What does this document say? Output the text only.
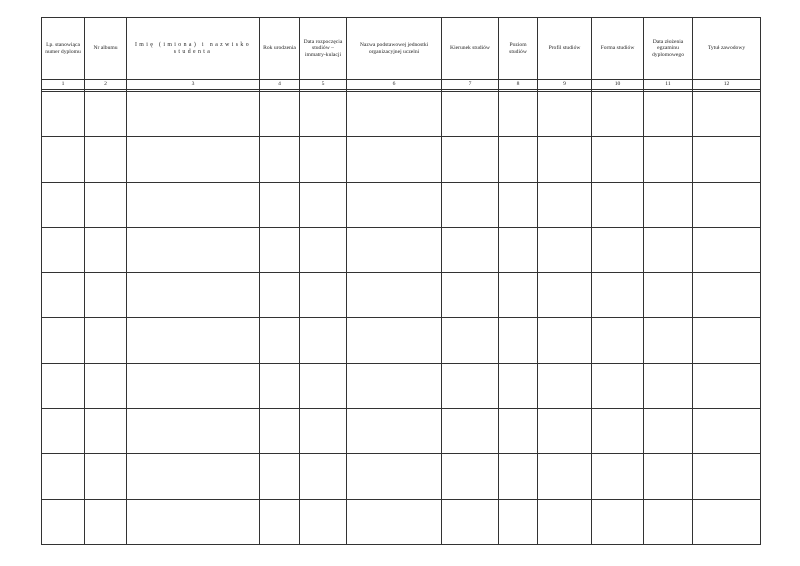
Lp. stanowiąca numer dyplomu	Nr albumu	Imię (imiona) i nazwisko studenta	Rok urodzenia	Data rozpoczęcia studiów – immatry-kulacji	Nazwa podstawowej jednostki organizacyjnej uczelni	Kierunek studiów	Poziom studiów	Profil studiów	Forma studiów	Data złożenia egzaminu dyplomowego	Tytuł zawodowy
1	2	3	4	5	6	7	8	9	10	11	12
